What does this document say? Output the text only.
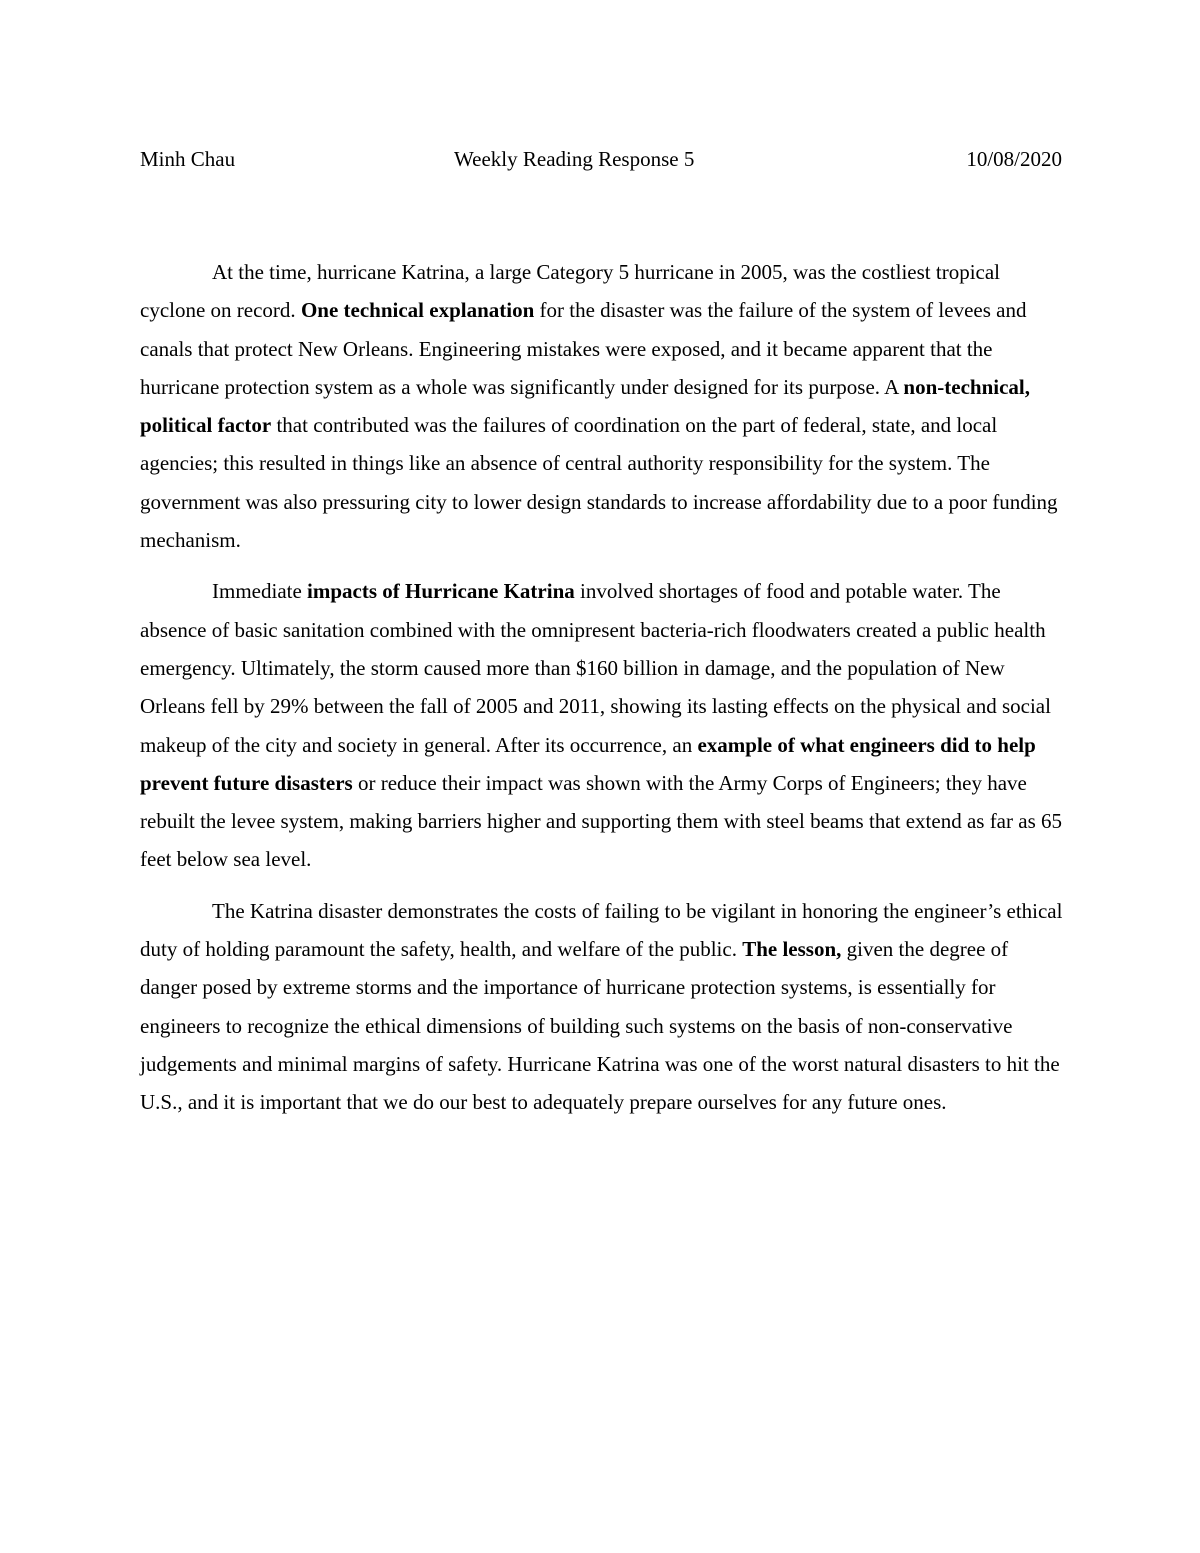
Minh Chau	Weekly Reading Response 5	10/08/2020

At the time, hurricane Katrina, a large Category 5 hurricane in 2005, was the costliest tropical cyclone on record. One technical explanation for the disaster was the failure of the system of levees and canals that protect New Orleans. Engineering mistakes were exposed, and it became apparent that the hurricane protection system as a whole was significantly under designed for its purpose. A non-technical, political factor that contributed was the failures of coordination on the part of federal, state, and local agencies; this resulted in things like an absence of central authority responsibility for the system. The government was also pressuring city to lower design standards to increase affordability due to a poor funding mechanism.

Immediate impacts of Hurricane Katrina involved shortages of food and potable water. The absence of basic sanitation combined with the omnipresent bacteria-rich floodwaters created a public health emergency. Ultimately, the storm caused more than $160 billion in damage, and the population of New Orleans fell by 29% between the fall of 2005 and 2011, showing its lasting effects on the physical and social makeup of the city and society in general. After its occurrence, an example of what engineers did to help prevent future disasters or reduce their impact was shown with the Army Corps of Engineers; they have rebuilt the levee system, making barriers higher and supporting them with steel beams that extend as far as 65 feet below sea level.

The Katrina disaster demonstrates the costs of failing to be vigilant in honoring the engineer’s ethical duty of holding paramount the safety, health, and welfare of the public. The lesson, given the degree of danger posed by extreme storms and the importance of hurricane protection systems, is essentially for engineers to recognize the ethical dimensions of building such systems on the basis of non-conservative judgements and minimal margins of safety. Hurricane Katrina was one of the worst natural disasters to hit the U.S., and it is important that we do our best to adequately prepare ourselves for any future ones.
